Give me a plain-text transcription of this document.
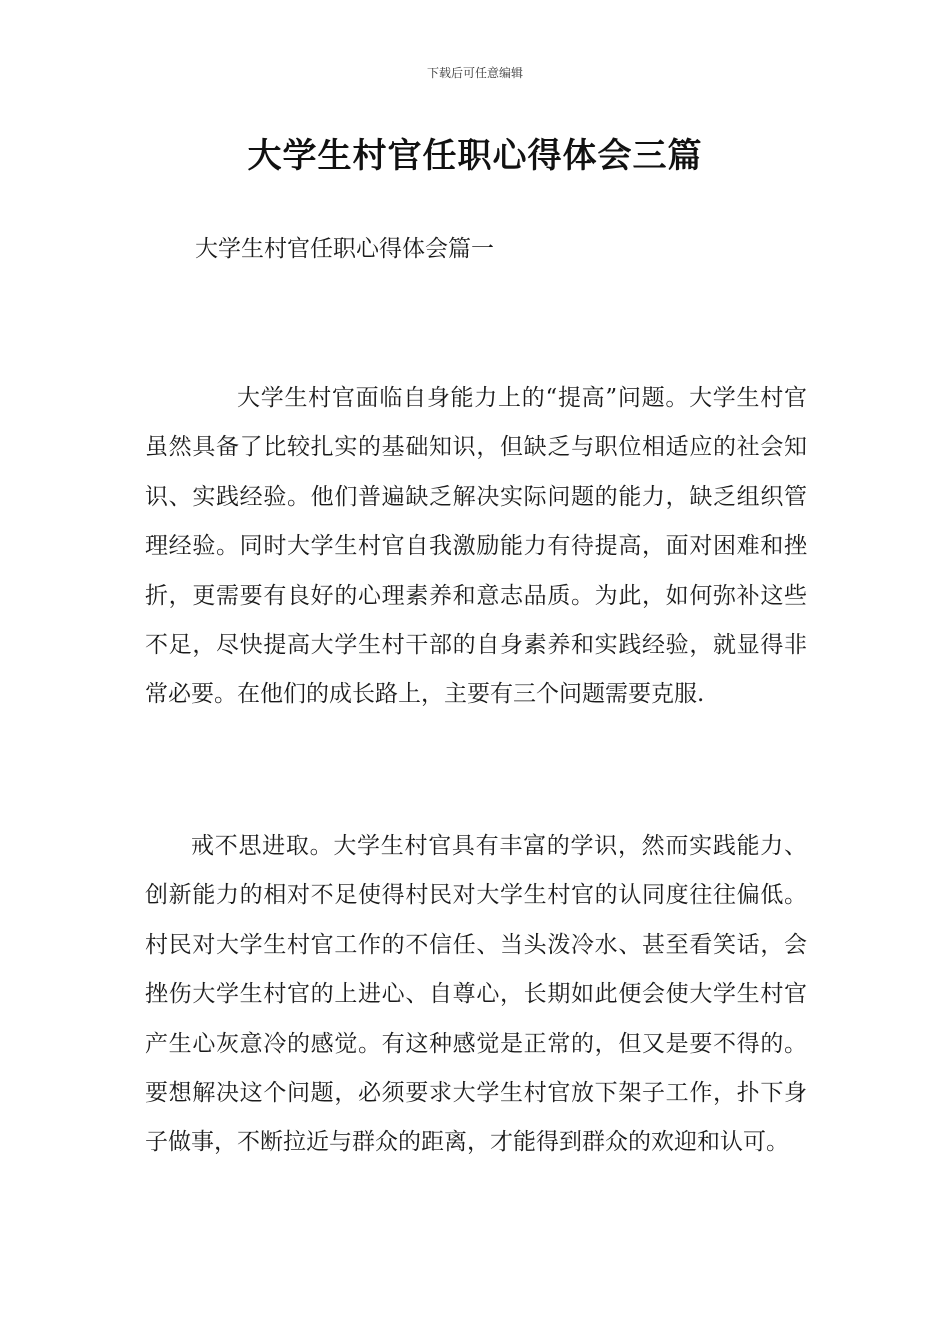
下载后可任意编辑
大学生村官任职心得体会三篇
大学生村官任职心得体会篇一

大学生村官面临自身能力上的“提高”问题。大学生村官虽然具备了比较扎实的基础知识，但缺乏与职位相适应的社会知识、实践经验。他们普遍缺乏解决实际问题的能力，缺乏组织管理经验。同时大学生村官自我激励能力有待提高，面对困难和挫折，更需要有良好的心理素养和意志品质。为此，如何弥补这些不足，尽快提高大学生村干部的自身素养和实践经验，就显得非常必要。在他们的成长路上，主要有三个问题需要克服.

戒不思进取。大学生村官具有丰富的学识，然而实践能力、创新能力的相对不足使得村民对大学生村官的认同度往往偏低。村民对大学生村官工作的不信任、当头泼冷水、甚至看笑话，会挫伤大学生村官的上进心、自尊心，长期如此便会使大学生村官产生心灰意冷的感觉。有这种感觉是正常的，但又是要不得的。要想解决这个问题，必须要求大学生村官放下架子工作，扑下身子做事，不断拉近与群众的距离，才能得到群众的欢迎和认可。
